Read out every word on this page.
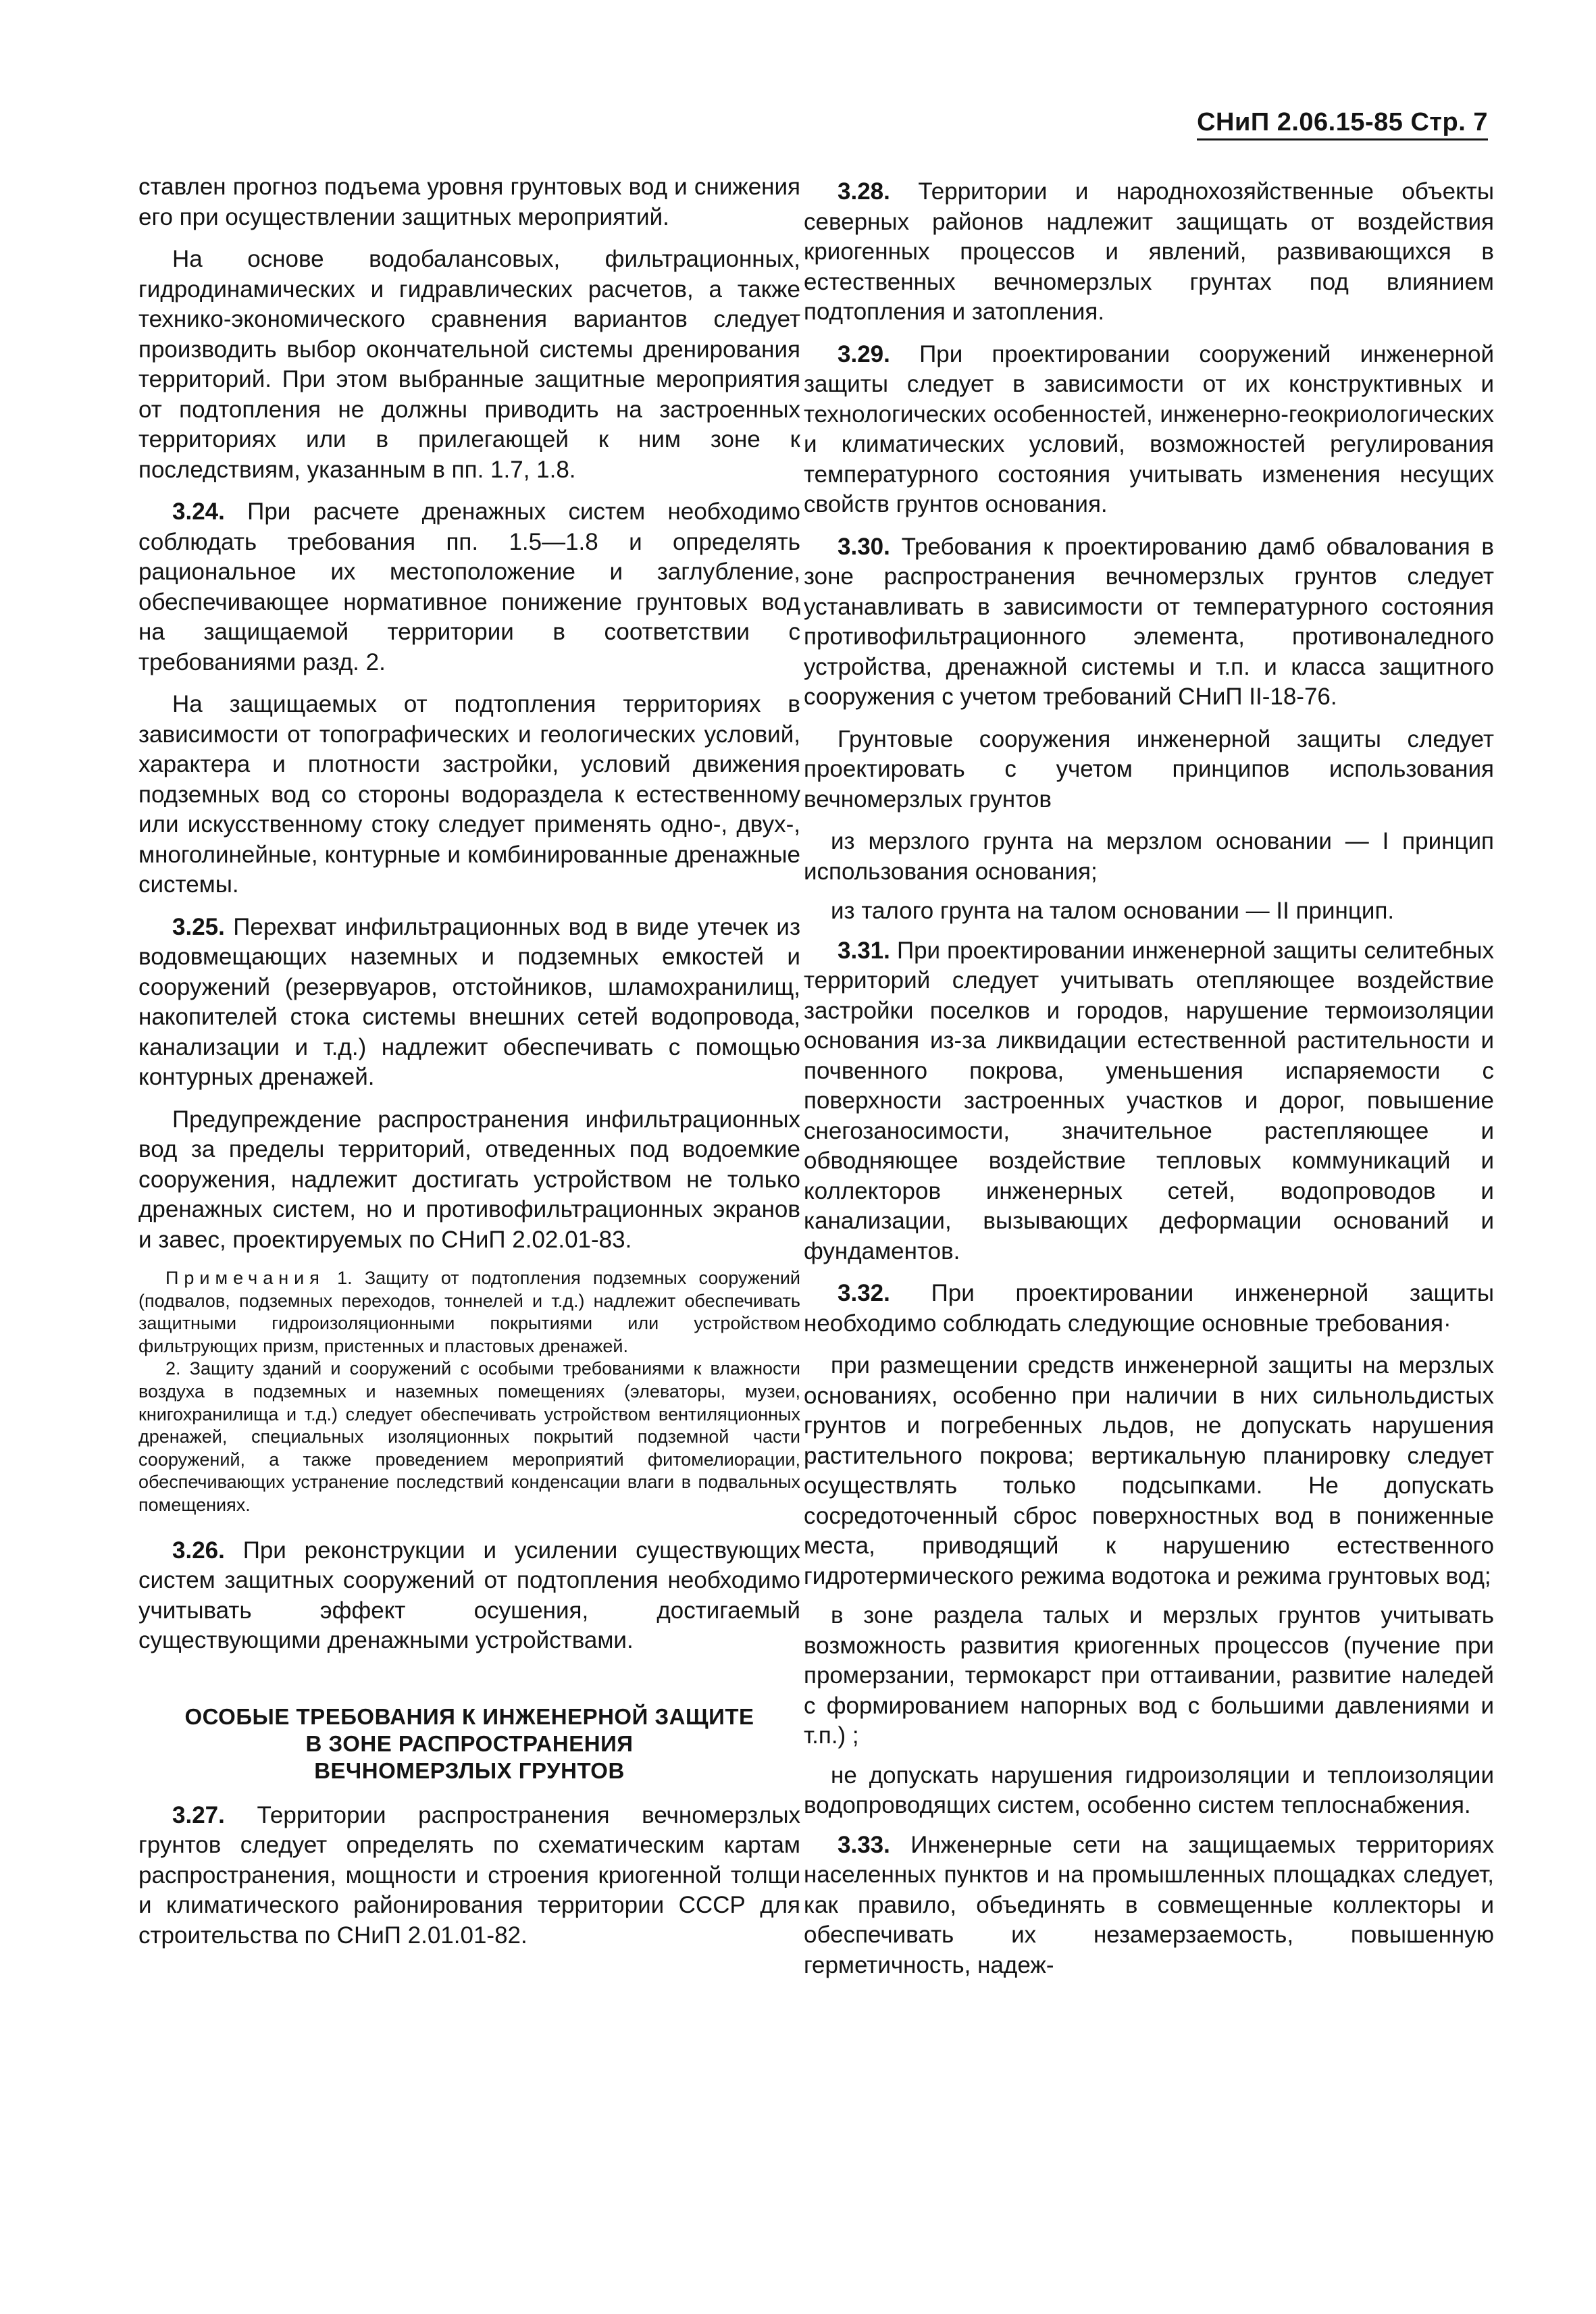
СНиП 2.06.15-85 Стр. 7

ставлен прогноз подъема уровня грунтовых вод и снижения его при осуществлении защитных мероприятий.

На основе водобалансовых, фильтрационных, гидродинамических и гидравлических расчетов, а также технико-экономического сравнения вариантов следует производить выбор окончательной системы дренирования территорий. При этом выбранные защитные мероприятия от подтопления не должны приводить на застроенных территориях или в прилегающей к ним зоне к последствиям, указанным в пп. 1.7, 1.8.

3.24. При расчете дренажных систем необходимо соблюдать требования пп. 1.5—1.8 и определять рациональное их местоположение и заглубление, обеспечивающее нормативное понижение грунтовых вод на защищаемой территории в соответствии с требованиями разд. 2.

На защищаемых от подтопления территориях в зависимости от топографических и геологических условий, характера и плотности застройки, условий движения подземных вод со стороны водораздела к естественному или искусственному стоку следует применять одно-, двух-, многолинейные, контурные и комбинированные дренажные системы.

3.25. Перехват инфильтрационных вод в виде утечек из водовмещающих наземных и подземных емкостей и сооружений (резервуаров, отстойников, шламохранилищ, накопителей стока системы внешних сетей водопровода, канализации и т.д.) надлежит обеспечивать с помощью контурных дренажей.

Предупреждение распространения инфильтрационных вод за пределы территорий, отведенных под водоемкие сооружения, надлежит достигать устройством не только дренажных систем, но и противофильтрационных экранов и завес, проектируемых по СНиП 2.02.01-83.

Примечания 1. Защиту от подтопления подземных сооружений (подвалов, подземных переходов, тоннелей и т.д.) надлежит обеспечивать защитными гидроизоляционными покрытиями или устройством фильтрующих призм, пристенных и пластовых дренажей.

2. Защиту зданий и сооружений с особыми требованиями к влажности воздуха в подземных и наземных помещениях (элеваторы, музеи, книгохранилища и т.д.) следует обеспечивать устройством вентиляционных дренажей, специальных изоляционных покрытий подземной части сооружений, а также проведением мероприятий фитомелиорации, обеспечивающих устранение последствий конденсации влаги в подвальных помещениях.

3.26. При реконструкции и усилении существующих систем защитных сооружений от подтопления необходимо учитывать эффект осушения, достигаемый существующими дренажными устройствами.

ОСОБЫЕ ТРЕБОВАНИЯ К ИНЖЕНЕРНОЙ ЗАЩИТЕ
В ЗОНЕ РАСПРОСТРАНЕНИЯ
ВЕЧНОМЕРЗЛЫХ ГРУНТОВ

3.27. Территории распространения вечномерзлых грунтов следует определять по схематическим картам распространения, мощности и строения криогенной толщи и климатического районирования территории СССР для строительства по СНиП 2.01.01-82.

3.28. Территории и народнохозяйственные объекты северных районов надлежит защищать от воздействия криогенных процессов и явлений, развивающихся в естественных вечномерзлых грунтах под влиянием подтопления и затопления.

3.29. При проектировании сооружений инженерной защиты следует в зависимости от их конструктивных и технологических особенностей, инженерно-геокриологических и климатических условий, возможностей регулирования температурного состояния учитывать изменения несущих свойств грунтов основания.

3.30. Требования к проектированию дамб обвалования в зоне распространения вечномерзлых грунтов следует устанавливать в зависимости от температурного состояния противофильтрационного элемента, противоналедного устройства, дренажной системы и т.п. и класса защитного сооружения с учетом требований СНиП II-18-76.

Грунтовые сооружения инженерной защиты следует проектировать с учетом принципов использования вечномерзлых грунтов

из мерзлого грунта на мерзлом основании — I принцип использования основания;

из талого грунта на талом основании — II принцип.

3.31. При проектировании инженерной защиты селитебных территорий следует учитывать отепляющее воздействие застройки поселков и городов, нарушение термоизоляции основания из-за ликвидации естественной растительности и почвенного покрова, уменьшения испаряемости с поверхности застроенных участков и дорог, повышение снегозаносимости, значительное растепляющее и обводняющее воздействие тепловых коммуникаций и коллекторов инженерных сетей, водопроводов и канализации, вызывающих деформации оснований и фундаментов.

3.32. При проектировании инженерной защиты необходимо соблюдать следующие основные требования·

при размещении средств инженерной защиты на мерзлых основаниях, особенно при наличии в них сильнольдистых грунтов и погребенных льдов, не допускать нарушения растительного покрова; вертикальную планировку следует осуществлять только подсыпками. Не допускать сосредоточенный сброс поверхностных вод в пониженные места, приводящий к нарушению естественного гидротермического режима водотока и режима грунтовых вод;

в зоне раздела талых и мерзлых грунтов учитывать возможность развития криогенных процессов (пучение при промерзании, термокарст при оттаивании, развитие наледей с формированием напорных вод с большими давлениями и т.п.) ;

не допускать нарушения гидроизоляции и теплоизоляции водопроводящих систем, особенно систем теплоснабжения.

3.33. Инженерные сети на защищаемых территориях населенных пунктов и на промышленных площадках следует, как правило, объединять в совмещенные коллекторы и обеспечивать их незамерзаемость, повышенную герметичность, надеж-
